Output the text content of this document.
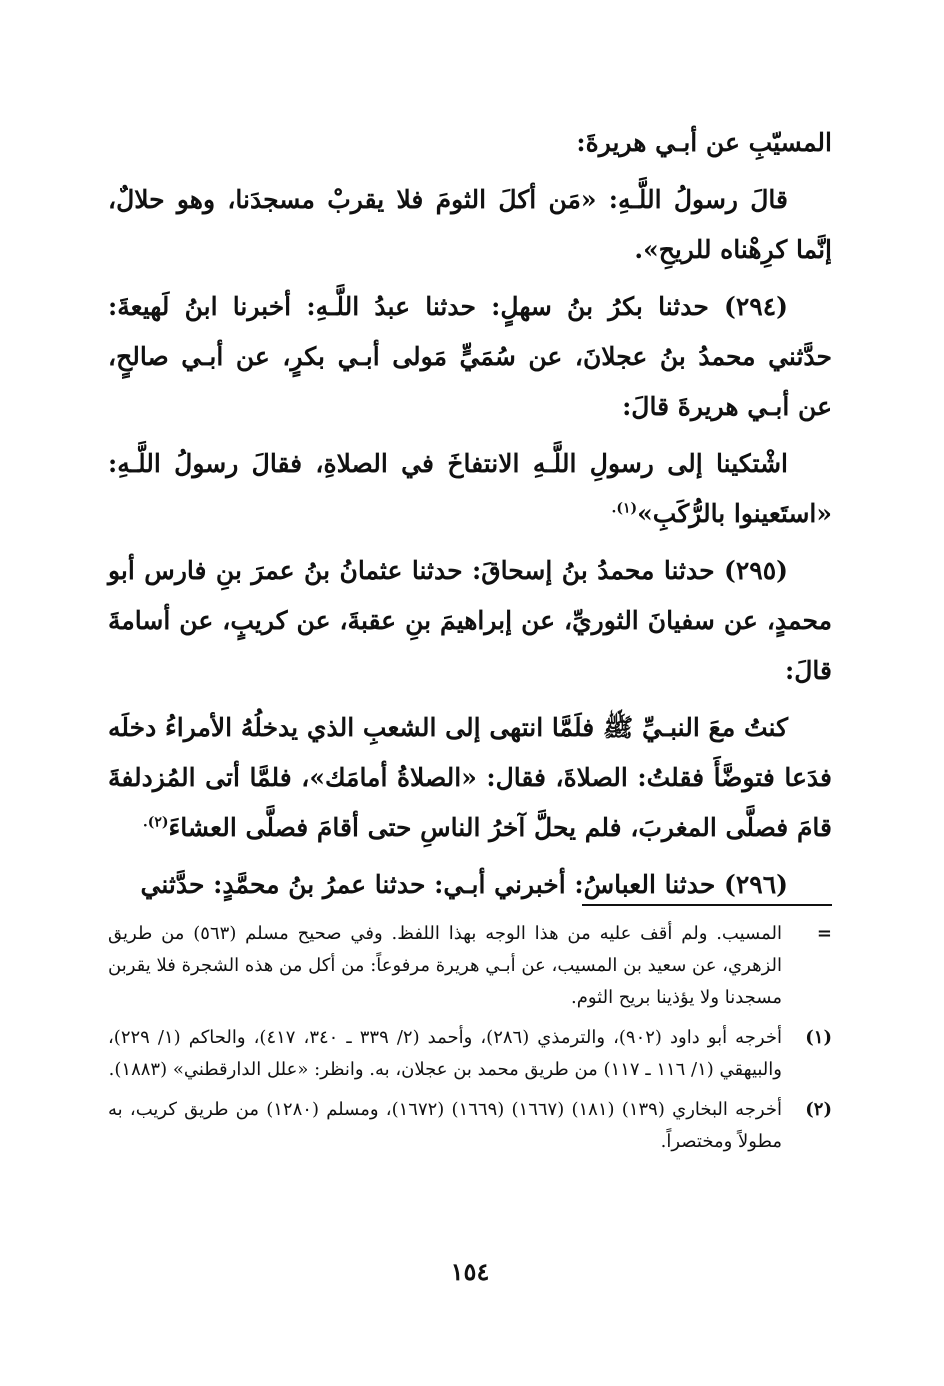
المسيّبِ عن أبـي هريرةَ:

قالَ رسولُ اللَّـهِ: «مَن أكلَ الثومَ فلا يقربْ مسجدَنا، وهو حلالٌ، إنَّما كرِهْناه للريحِ».

(٢٩٤) حدثنا بكرُ بنُ سهلٍ: حدثنا عبدُ اللَّـهِ: أخبرنا ابنُ لَهيعةَ: حدَّثني محمدُ بنُ عجلانَ، عن سُمَيٍّ مَولى أبـي بكرٍ، عن أبـي صالحٍ، عن أبـي هريرةَ قالَ:

اشْتكينا إلى رسولِ اللَّـهِ الانتفاخَ في الصلاةِ، فقالَ رسولُ اللَّـهِ: «استَعينوا بالرُّكَبِ»$^{(١).}$

(٢٩٥) حدثنا محمدُ بنُ إسحاقَ: حدثنا عثمانُ بنُ عمرَ بنِ فارس أبو محمدٍ، عن سفيانَ الثوريِّ، عن إبراهيمَ بنِ عقبةَ، عن كريبٍ، عن أسامةَ قالَ:

كنتُ معَ النبـيِّ ﷺ فلَمَّا انتهى إلى الشعبِ الذي يدخلُهُ الأمراءُ دخلَه فدَعا فتوضَّأَ فقلتُ: الصلاةَ، فقال: «الصلاةُ أمامَك»، فلمَّا أتى المُزدلفةَ قامَ فصلَّى المغربَ، فلم يحلَّ آخرُ الناسِ حتى أقامَ فصلَّى العشاءَ$^{(٢).}$

(٢٩٦) حدثنا العباسُ: أخبرني أبـي: حدثنا عمرُ بنُ محمَّدٍ: حدَّثني

=
المسيب. ولم أقف عليه من هذا الوجه بهذا اللفظ. وفي صحيح مسلم (٥٦٣) من طريق الزهري، عن سعيد بن المسيب، عن أبـي هريرة مرفوعاً: من أكل من هذه الشجرة فلا يقربن مسجدنا ولا يؤذينا بريح الثوم.
(١)
أخرجه أبو داود (٩٠٢)، والترمذي (٢٨٦)، وأحمد (٢/ ٣٣٩ ـ ٣٤٠، ٤١٧)، والحاكم (١/ ٢٢٩)، والبيهقي (١/ ١١٦ ـ ١١٧) من طريق محمد بن عجلان، به. وانظر: «علل الدارقطني» (١٨٨٣).
(٢)
أخرجه البخاري (١٣٩) (١٨١) (١٦٦٧) (١٦٦٩) (١٦٧٢)، ومسلم (١٢٨٠) من طريق كريب، به مطولاً ومختصراً.
١٥٤
